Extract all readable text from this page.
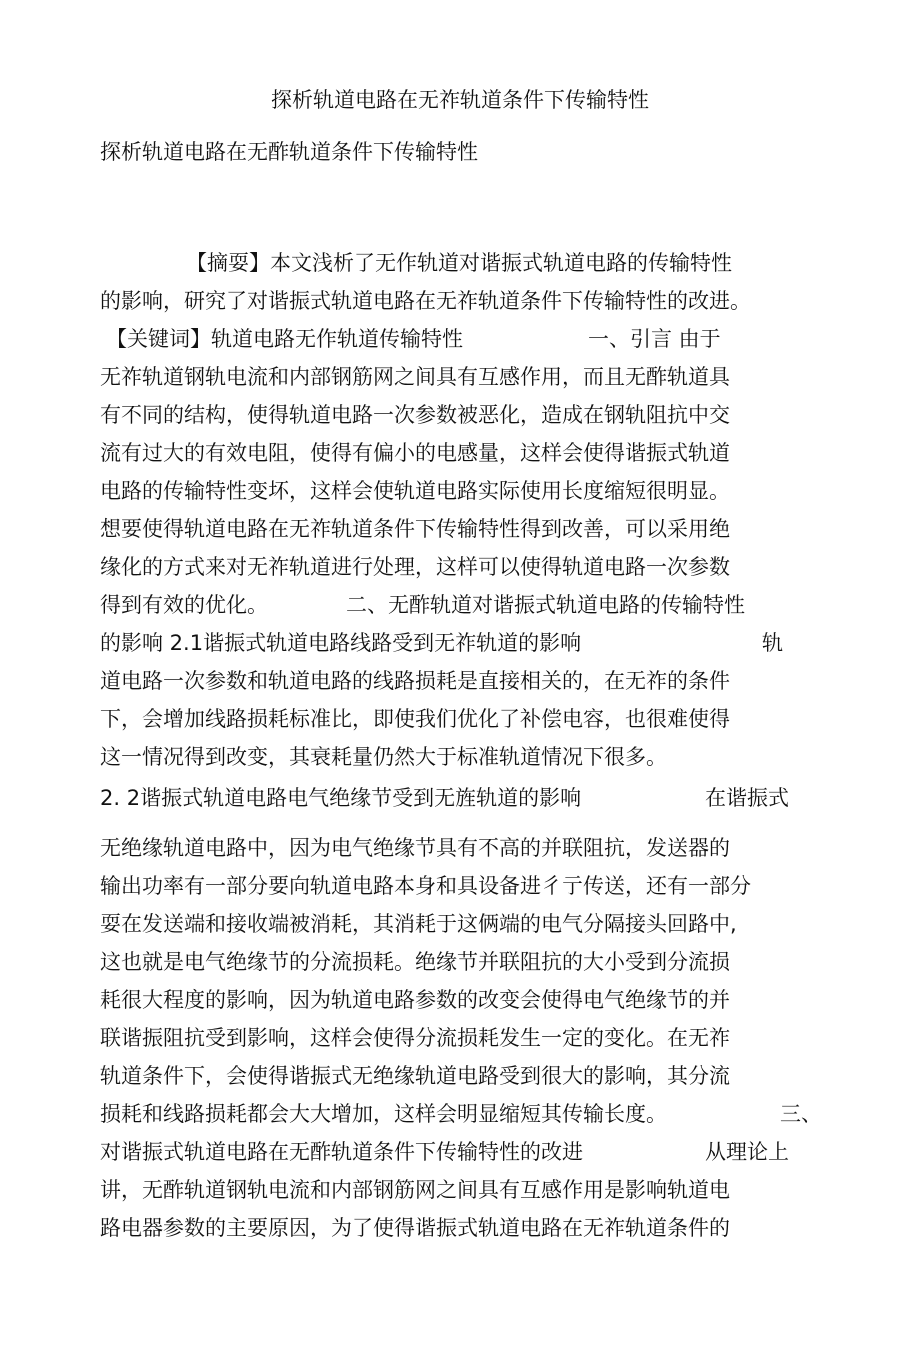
探析轨道电路在无祚轨道条件下传输特性
探析轨道电路在无酢轨道条件下传输特性
【摘耍】本文浅析了无作轨道对谐振式轨道电路的传输特性
的影响，研究了对谐振式轨道电路在无祚轨道条件下传输特性的改进。
【关键词】轨道电路无作轨道传输特性	一、引言 由于
无祚轨道钢轨电流和内部钢筋网之间具有互感作用，而且无酢轨道具
有不同的结构，使得轨道电路一次参数被恶化，造成在钢轨阻抗中交
流有过大的有效电阻，使得有偏小的电感量，这样会使得谐振式轨道
电路的传输特性变坏，这样会使轨道电路实际使用长度缩短很明显。
想要使得轨道电路在无祚轨道条件下传输特性得到改善，可以采用绝
缘化的方式来对无祚轨道进行处理，这样可以使得轨道电路一次参数
得到有效的优化。	二、无酢轨道对谐振式轨道电路的传输特性
的影响 2.1谐振式轨道电路线路受到无祚轨道的影响	轨
道电路一次参数和轨道电路的线路损耗是直接相关的，在无祚的条件
下，会增加线路损耗标准比，即使我们优化了补偿电容，也很难使得
这一情况得到改变，其衰耗量仍然大于标准轨道情况下很多。
2. 2谐振式轨道电路电气绝缘节受到无旌轨道的影响	在谐振式
无绝缘轨道电路中，因为电气绝缘节具有不高的并联阻抗，发送器的
输出功率有一部分要向轨道电路本身和具设备进彳亍传送，还有一部分
耍在发送端和接收端被消耗，其消耗于这俩端的电气分隔接头回路中,
这也就是电气绝缘节的分流损耗。绝缘节并联阻抗的大小受到分流损
耗很大程度的影响，因为轨道电路参数的改变会使得电气绝缘节的并
联谐振阻抗受到影响，这样会使得分流损耗发生一定的变化。在无祚
轨道条件下，会使得谐振式无绝缘轨道电路受到很大的影响，其分流
损耗和线路损耗都会大大增加，这样会明显缩短其传输长度。	三、
对谐振式轨道电路在无酢轨道条件下传输特性的改进	从理论上
讲，无酢轨道钢轨电流和内部钢筋网之间具有互感作用是影响轨道电
路电器参数的主要原因，为了使得谐振式轨道电路在无祚轨道条件的
